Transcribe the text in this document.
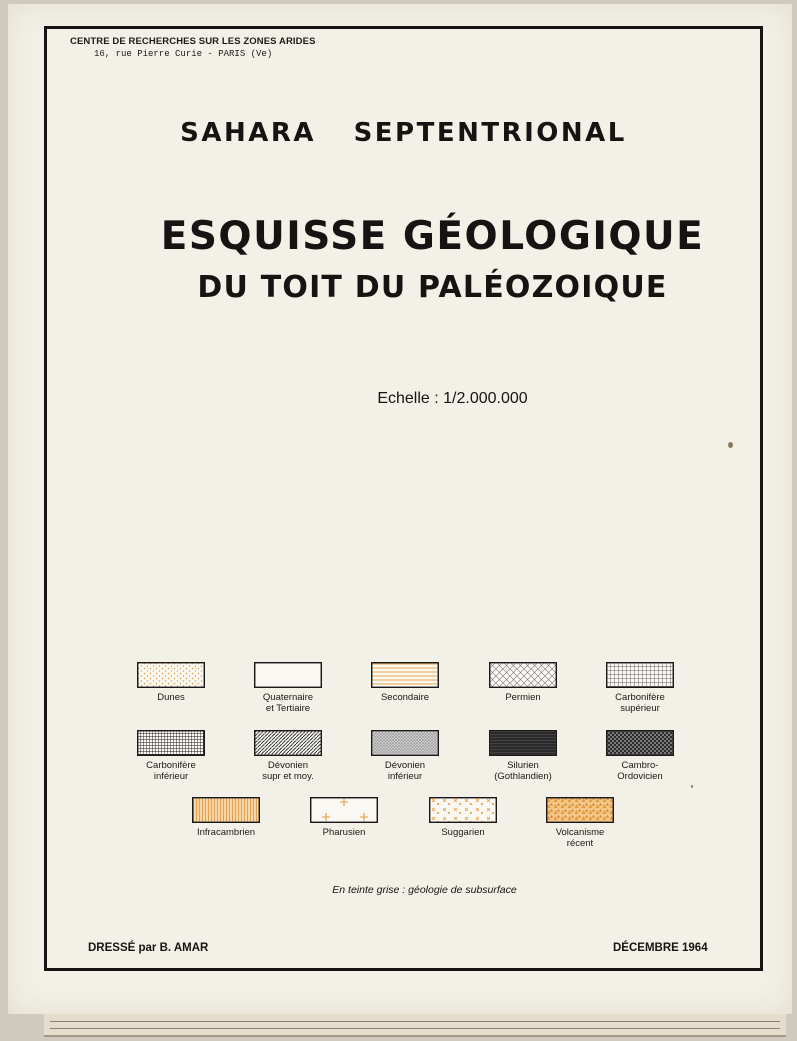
CENTRE DE RECHERCHES SUR LES ZONES ARIDES
16, rue Pierre Curie - PARIS (Ve)
SAHARA SEPTENTRIONAL
ESQUISSE GÉOLOGIQUE
DU TOIT DU PALÉOZOIQUE
Echelle : 1/2.000.000
Dunes	Quaternaire
et Tertiaire
Secondaire	Permien	Carbonifère
supérieur
Carbonifère
inférieur
Dévonien
supr et moy.
Dévonien
inférieur
Silurien
(Gothlandien)
Cambro-
Ordovicien
Infracambrien	Pharusien	Suggarien	Volcanisme
récent
En teinte grise : géologie de subsurface
DRESSÉ par B. AMAR	DÉCEMBRE 1964
